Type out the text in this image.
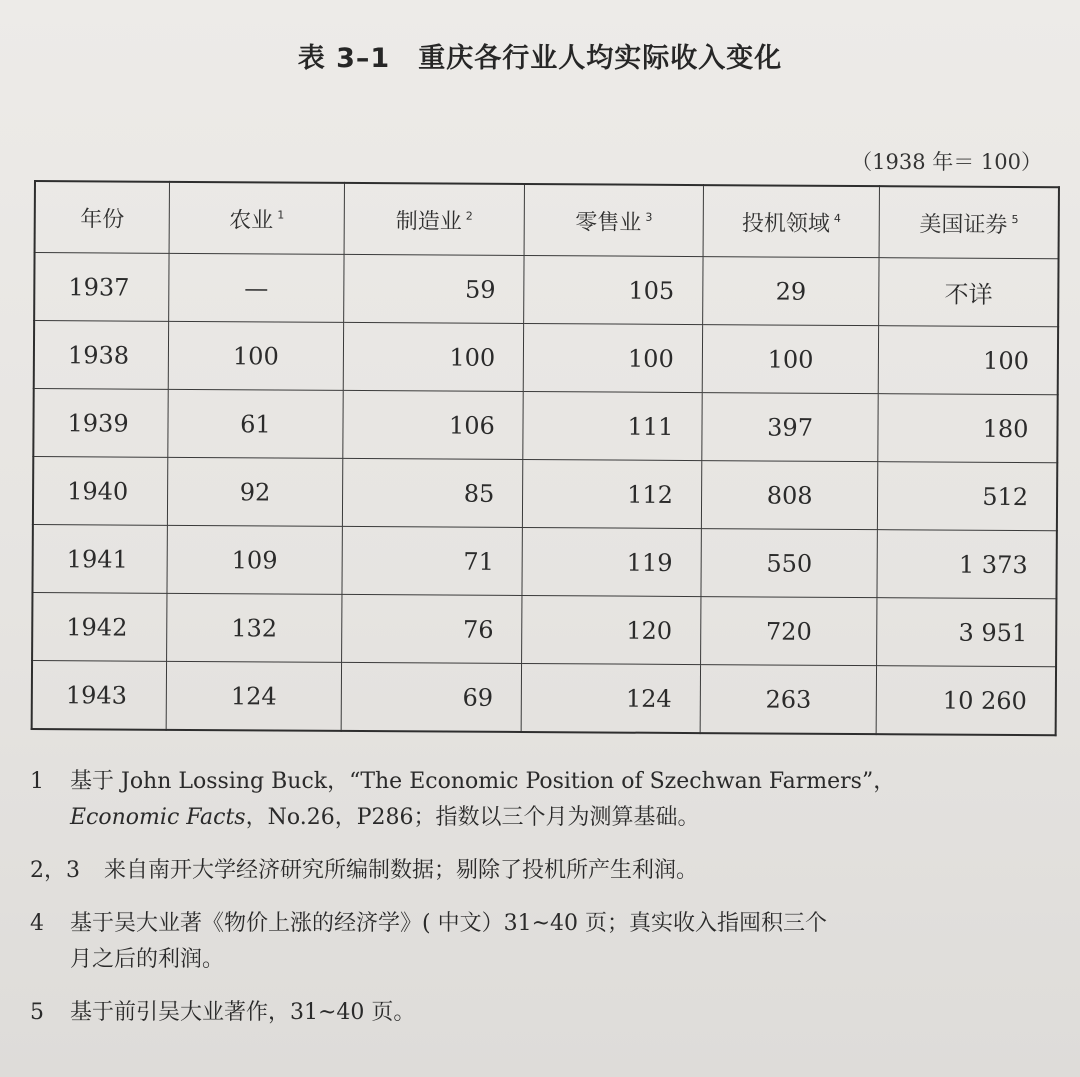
表 3–1 重庆各行业人均实际收入变化
（1938 年＝ 100）
年份	农业 $^1$	制造业 $^2$	零售业 $^3$	投机领域 $^4$	美国证券 $^5$
1937	—	59	105	29	不详
1938	100	100	100	100	100
1939	61	106	111	397	180
1940	92	85	112	808	512
1941	109	71	119	550	1 373
1942	132	76	120	720	3 951
1943	124	69	124	263	10 260
1	基于 John Lossing Buck，“The Economic Position of Szechwan Farmers”，
Economic Facts，No.26，P286；指数以三个月为测算基础。
2，3	来自南开大学经济研究所编制数据；剔除了投机所产生利润。
4	基于吴大业著《物价上涨的经济学》( 中文）31~40 页；真实收入指囤积三个
月之后的利润。
5	基于前引吴大业著作，31~40 页。
